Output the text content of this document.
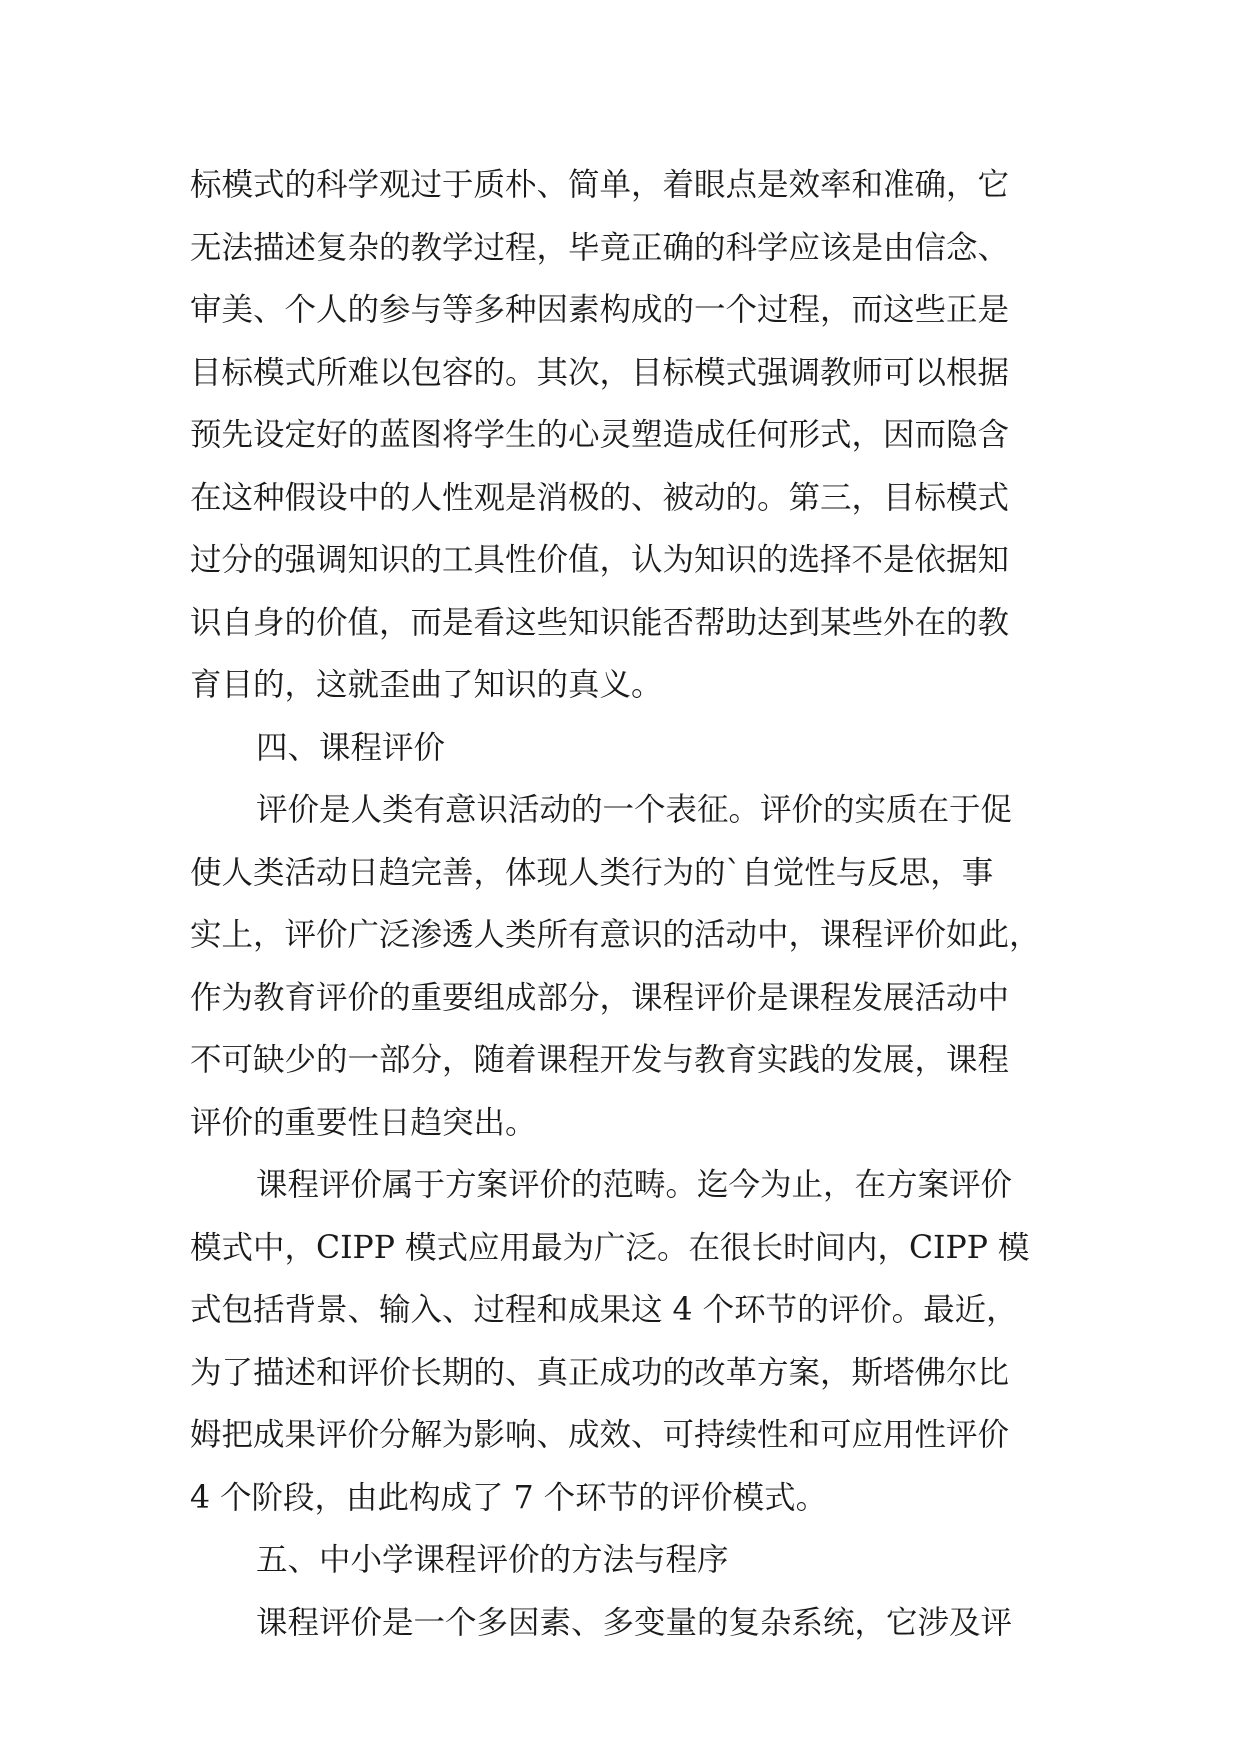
标模式的科学观过于质朴、简单，着眼点是效率和准确，它
无法描述复杂的教学过程，毕竟正确的科学应该是由信念、
审美、个人的参与等多种因素构成的一个过程，而这些正是
目标模式所难以包容的。其次，目标模式强调教师可以根据
预先设定好的蓝图将学生的心灵塑造成任何形式，因而隐含
在这种假设中的人性观是消极的、被动的。第三，目标模式
过分的强调知识的工具性价值，认为知识的选择不是依据知
识自身的价值，而是看这些知识能否帮助达到某些外在的教
育目的，这就歪曲了知识的真义。
四、课程评价
评价是人类有意识活动的一个表征。评价的实质在于促
使人类活动日趋完善，体现人类行为的`自觉性与反思，事
实上，评价广泛渗透人类所有意识的活动中，课程评价如此，
作为教育评价的重要组成部分，课程评价是课程发展活动中
不可缺少的一部分，随着课程开发与教育实践的发展，课程
评价的重要性日趋突出。
课程评价属于方案评价的范畴。迄今为止，在方案评价
模式中，CIPP 模式应用最为广泛。在很长时间内，CIPP 模
式包括背景、输入、过程和成果这 4 个环节的评价。最近，
为了描述和评价长期的、真正成功的改革方案，斯塔佛尔比
姆把成果评价分解为影响、成效、可持续性和可应用性评价
4 个阶段，由此构成了 7 个环节的评价模式。
五、中小学课程评价的方法与程序
课程评价是一个多因素、多变量的复杂系统，它涉及评
